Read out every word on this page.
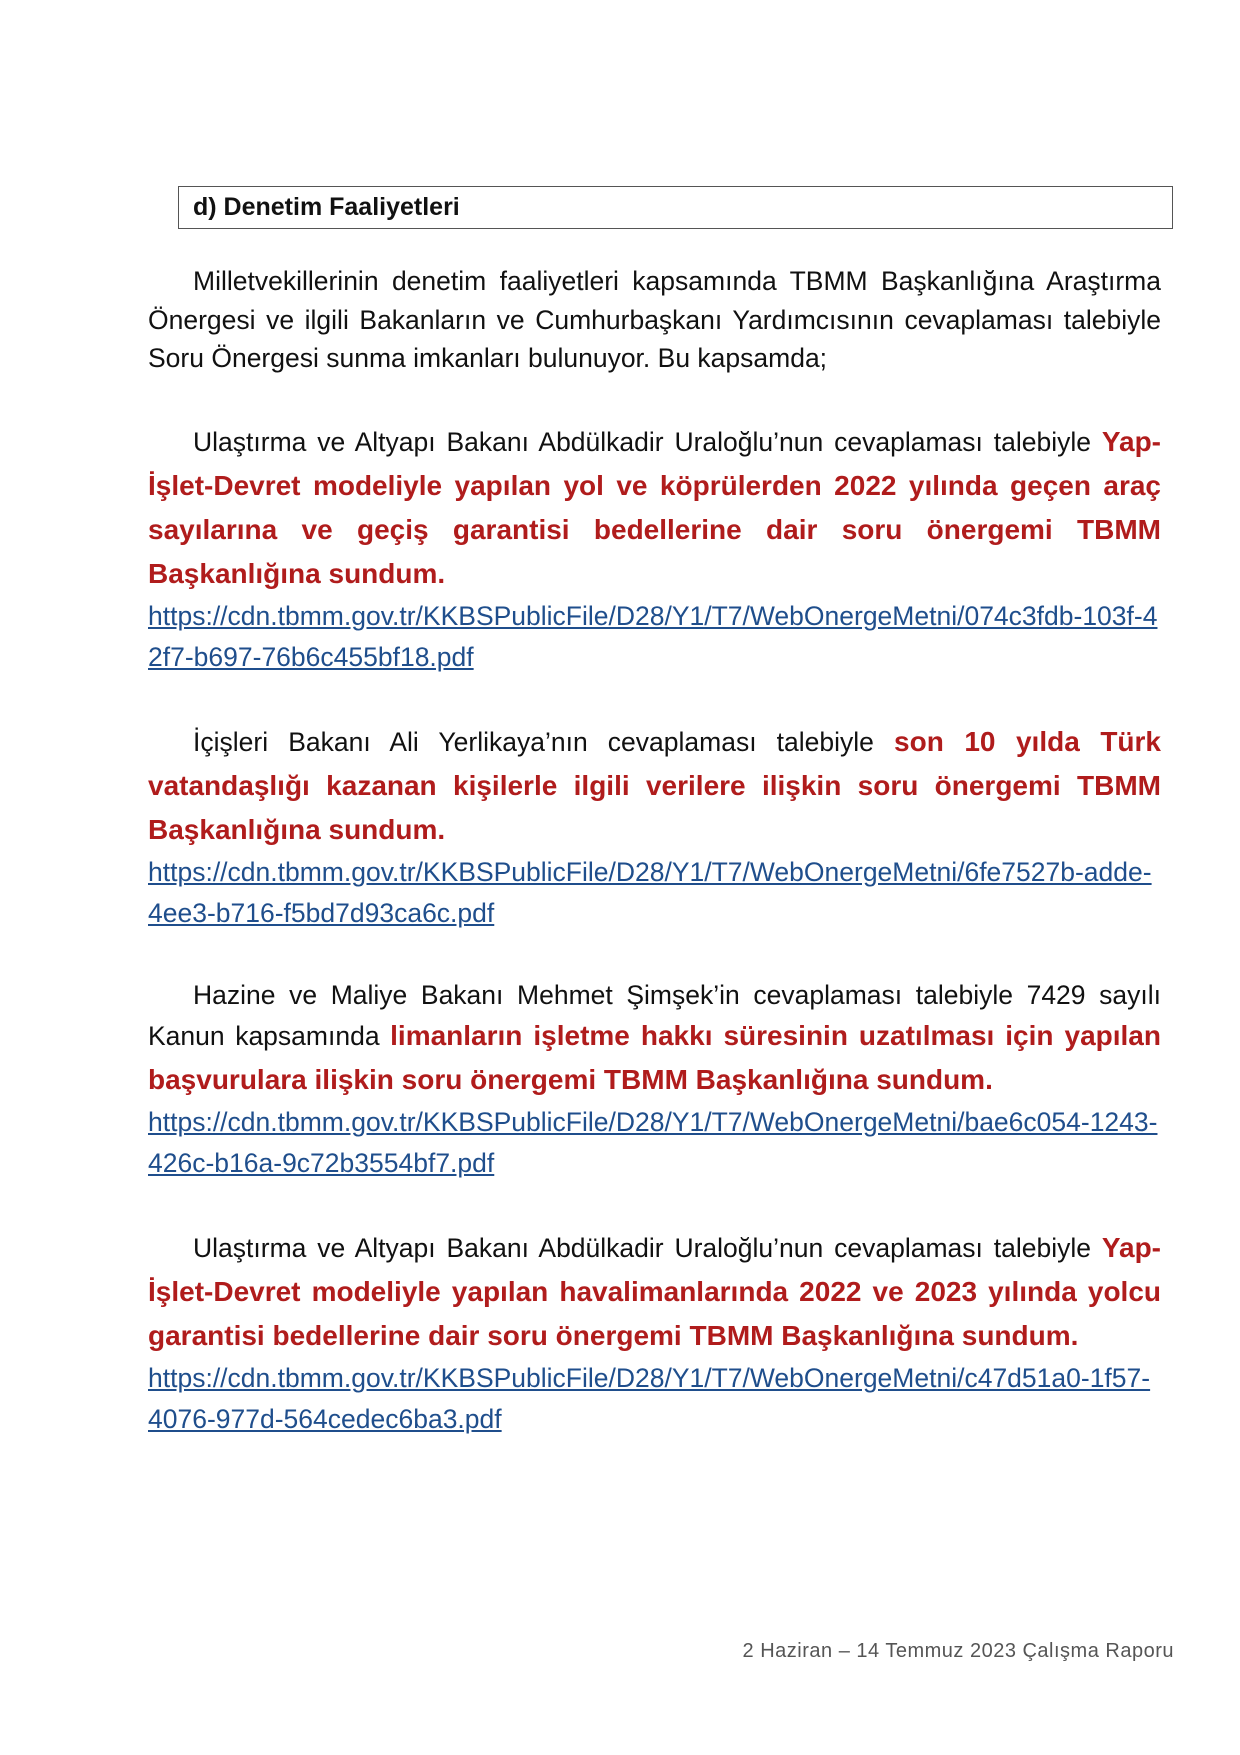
d) Denetim Faaliyetleri

Milletvekillerinin denetim faaliyetleri kapsamında TBMM Başkanlığına Araştırma Önergesi ve ilgili Bakanların ve Cumhurbaşkanı Yardımcısının cevaplaması talebiyle Soru Önergesi sunma imkanları bulunuyor. Bu kapsamda;

Ulaştırma ve Altyapı Bakanı Abdülkadir Uraloğlu’nun cevaplaması talebiyle Yap-İşlet-Devret modeliyle yapılan yol ve köprülerden 2022 yılında geçen araç sayılarına ve geçiş garantisi bedellerine dair soru önergemi TBMM Başkanlığına sundum.

https://cdn.tbmm.gov.tr/KKBSPublicFile/D28/Y1/T7/WebOnergeMetni/074c3fdb-103f-42f7-b697-76b6c455bf18.pdf

İçişleri Bakanı Ali Yerlikaya’nın cevaplaması talebiyle son 10 yılda Türk vatandaşlığı kazanan kişilerle ilgili verilere ilişkin soru önergemi TBMM Başkanlığına sundum.

https://cdn.tbmm.gov.tr/KKBSPublicFile/D28/Y1/T7/WebOnergeMetni/6fe7527b-adde-4ee3-b716-f5bd7d93ca6c.pdf

Hazine ve Maliye Bakanı Mehmet Şimşek’in cevaplaması talebiyle 7429 sayılı Kanun kapsamında limanların işletme hakkı süresinin uzatılması için yapılan başvurulara ilişkin soru önergemi TBMM Başkanlığına sundum.

https://cdn.tbmm.gov.tr/KKBSPublicFile/D28/Y1/T7/WebOnergeMetni/bae6c054-1243-426c-b16a-9c72b3554bf7.pdf

Ulaştırma ve Altyapı Bakanı Abdülkadir Uraloğlu’nun cevaplaması talebiyle Yap-İşlet-Devret modeliyle yapılan havalimanlarında 2022 ve 2023 yılında yolcu garantisi bedellerine dair soru önergemi TBMM Başkanlığına sundum.

https://cdn.tbmm.gov.tr/KKBSPublicFile/D28/Y1/T7/WebOnergeMetni/c47d51a0-1f57-4076-977d-564cedec6ba3.pdf
2 Haziran – 14 Temmuz 2023 Çalışma Raporu
